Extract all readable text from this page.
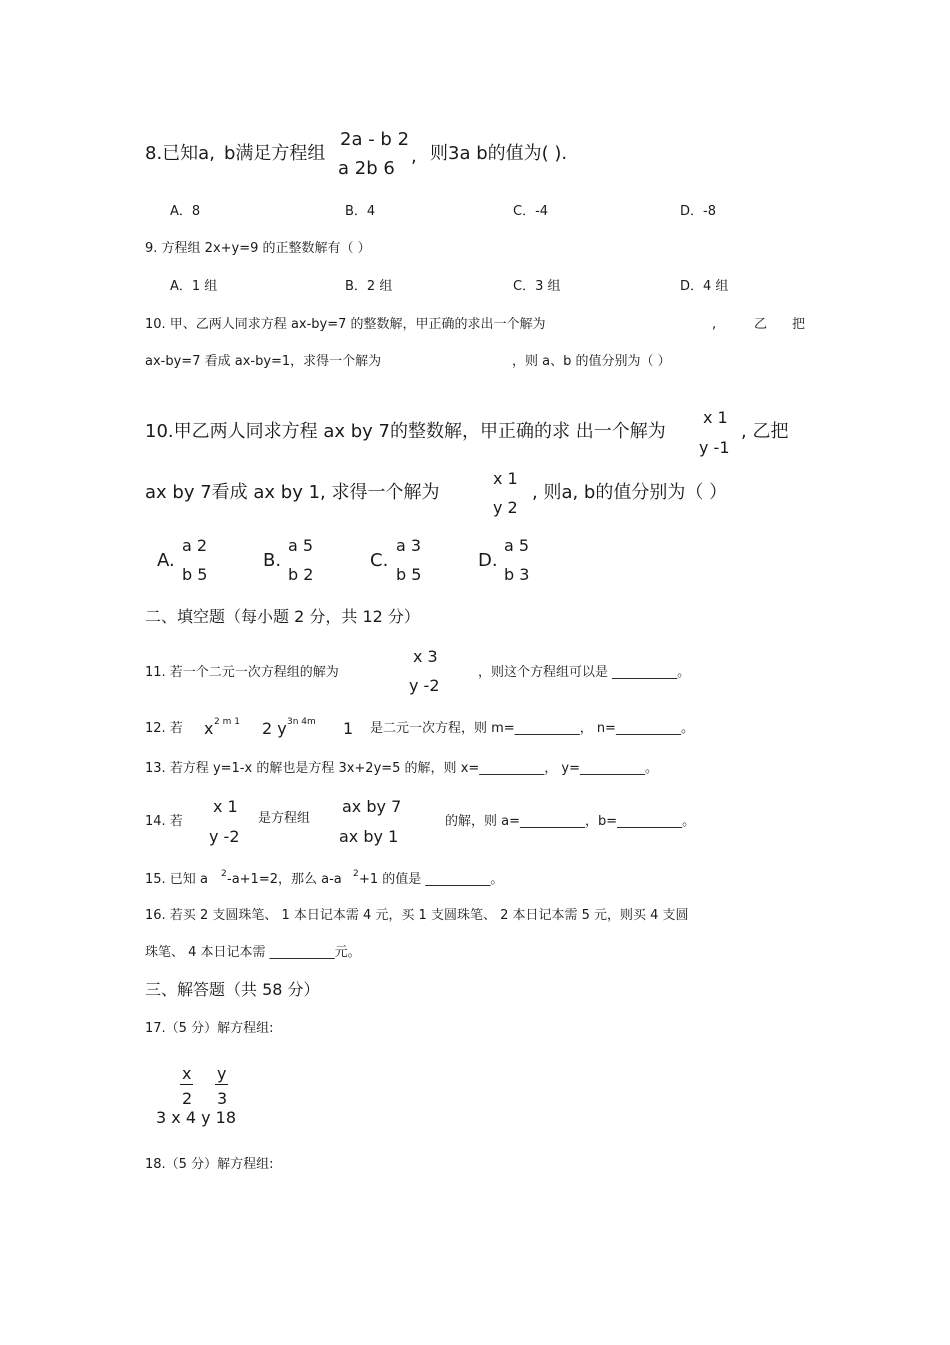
8.已知a, b满足方程组
2a - b 2
a 2b 6
, 则3a b的值为( ).
A．8	B．4	C．-4	D．-8
9. 方程组 2x+y=9 的正整数解有（ ）
A．1 组	B．2 组	C．3 组	D．4 组
10. 甲、乙两人同求方程 ax-by=7 的整数解，甲正确的求出一个解为	,	乙 把
ax-by=7 看成 ax-by=1，求得一个解为	，则 a、b 的值分别为（ ）
10.甲乙两人同求方程 ax by 7的整数解，甲正确的求 出一个解为
x 1
y -1
, 乙把
ax by 7看成 ax by 1, 求得一个解为
x 1
y 2
, 则a, b的值分别为（ ）
A.
a 2
b 5
B.
a 5
b 2
C.
a 3
b 5
D.
a 5
b 3
二、填空题（每小题 2 分，共 12 分）
11. 若一个二元一次方程组的解为
x 3
y -2
，则这个方程组可以是 __________。
12. 若 x 2 m 1 2 y 3n 4m 1 是二元一次方程，则 m=__________， n=__________。
13. 若方程 y=1-x 的解也是方程 3x+2y=5 的解，则 x=__________， y=__________。
14. 若
x 1
y -2
是方程组
ax by 7
ax by 1
的解，则 a=__________，b=__________。
15. 已知 a 2 -a+1=2，那么 a-a 2 +1 的值是 __________。
16. 若买 2 支圆珠笔、 1 本日记本需 4 元，买 1 支圆珠笔、 2 本日记本需 5 元，则买 4 支圆
珠笔、 4 本日记本需 __________元。
三、解答题（共 58 分）
17.（5 分）解方程组:
x
2
y
3
3 x 4 y 18
18.（5 分）解方程组:
